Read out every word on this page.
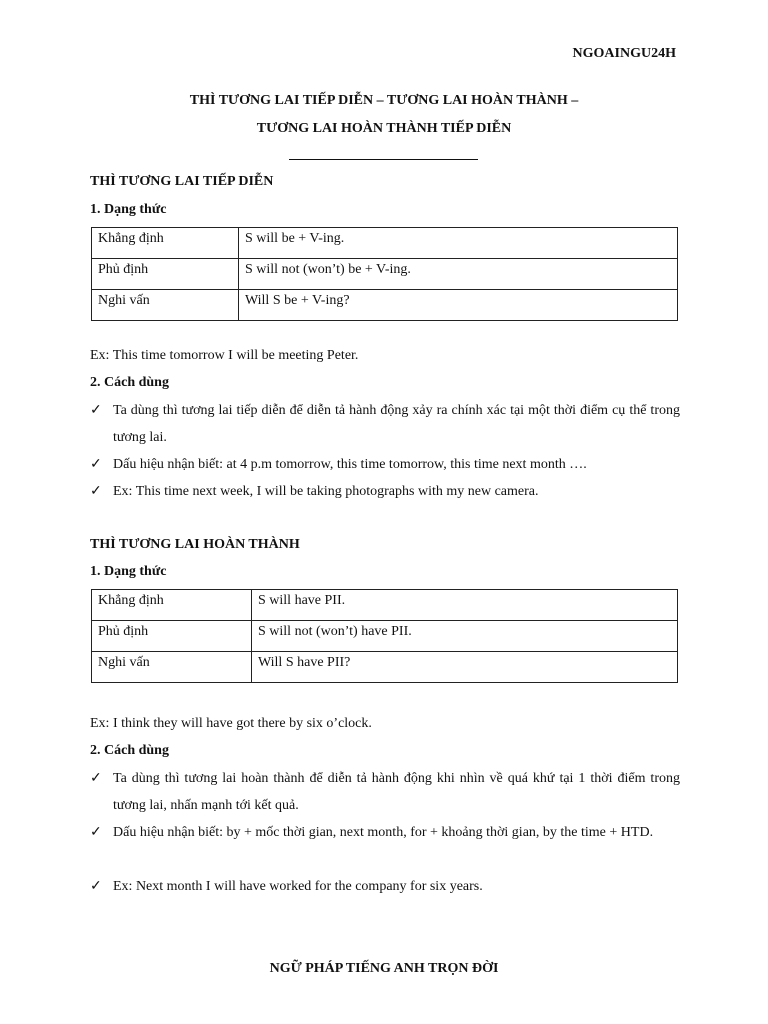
NGOAINGU24H
THÌ TƯƠNG LAI TIẾP DIỄN – TƯƠNG LAI HOÀN THÀNH –
TƯƠNG LAI HOÀN THÀNH TIẾP DIỄN
THÌ TƯƠNG LAI TIẾP DIỄN
1. Dạng thức
Khẳng định	S will be + V-ing.
Phủ định	S will not (won’t) be + V-ing.
Nghi vấn	Will S be + V-ing?
Ex: This time tomorrow I will be meeting Peter.
2. Cách dùng
✓ Ta dùng thì tương lai tiếp diễn để diễn tả hành động xảy ra chính xác tại một thời điểm cụ thể trong tương lai.
✓ Dấu hiệu nhận biết: at 4 p.m tomorrow, this time tomorrow, this time next month ….
✓ Ex: This time next week, I will be taking photographs with my new camera.
THÌ TƯƠNG LAI HOÀN THÀNH
1. Dạng thức
Khẳng định	S will have PII.
Phủ định	S will not (won’t) have PII.
Nghi vấn	Will S have PII?
Ex: I think they will have got there by six o’clock.
2. Cách dùng
✓ Ta dùng thì tương lai hoàn thành để diễn tả hành động khi nhìn về quá khứ tại 1 thời điểm trong tương lai, nhấn mạnh tới kết quả.
✓ Dấu hiệu nhận biết: by + mốc thời gian, next month, for + khoảng thời gian, by the time + HTD.
✓ Ex: Next month I will have worked for the company for six years.
NGỮ PHÁP TIẾNG ANH TRỌN ĐỜI
